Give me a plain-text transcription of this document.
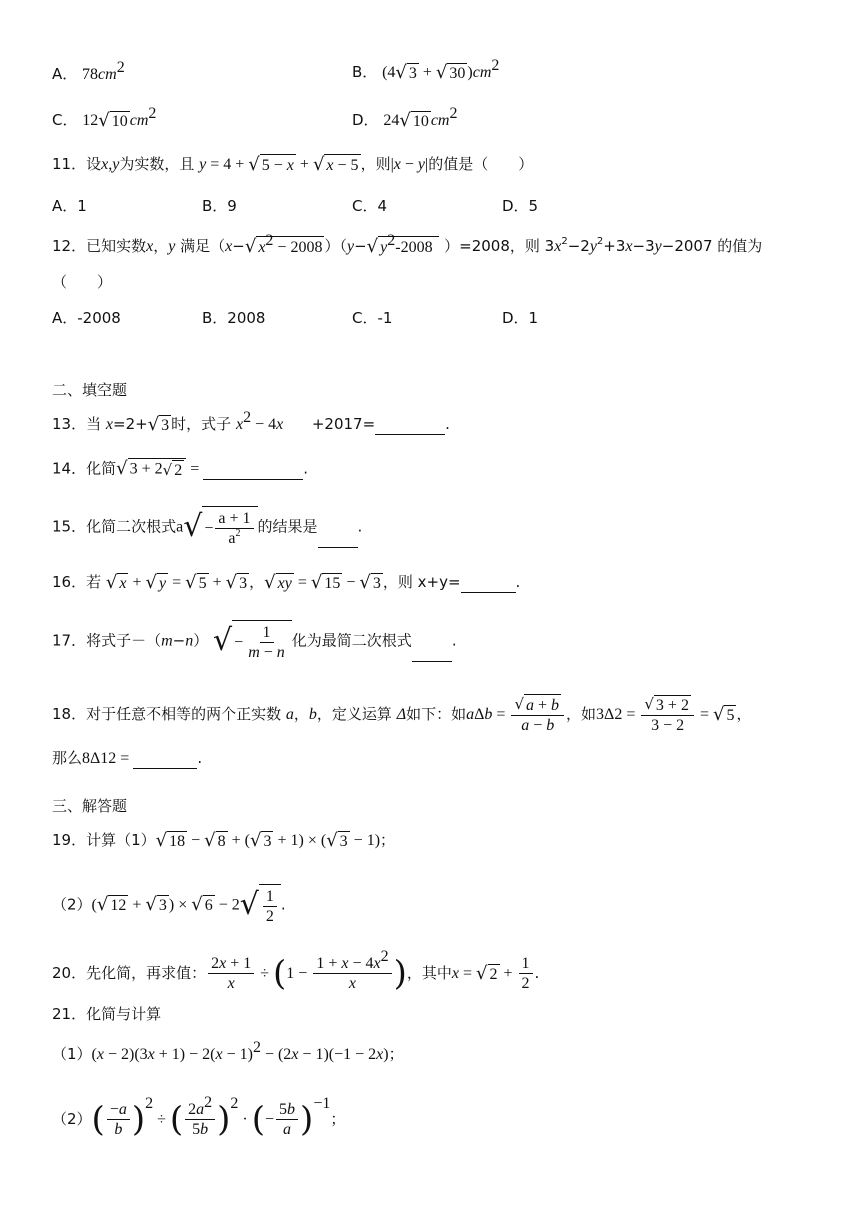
A． $78cm^2$	B． (4√ 3 + √ 30 )$cm^2$
C． 12√ 10 $cm^2$	D． 24√ 10 $cm^2$
11．设x,y为实数，且 y = 4 + √ 5 − x + √ x − 5 ，则|x − y|的值是（　　）
A．1	B．9	C．4	D．5
12．已知实数x，y 满足（x−√ $x^2 - 2008$ ）（y−√ $y^2-2008$ ）=2008，则 $3x^2-2y^2+3x-3y-2007$ 的值为
（　　）
A．-2008	B．2008	C．-1	D．1
二、填空题
13．当 x=2+√ 3 时，式子 $x^2 - 4x +2017=$	.
14．化简√ 3 + 2√ 2 =	.
15．化简二次根式$a√ - \frac{a + 1}{a^2}$ 的结果是	.
16．若 √ x + √ y = √ 5 + √ 3 ，√ xy = √ 15 − √ 3 ，则 x+y=	.
17．将式子－（m−n） √ − $\frac{1}{m - n}$ 化为最简二次根式	.
18．对于任意不相等的两个正实数 a，b，定义运算 Δ如下：如$a\Delta b = \frac{√ a + b}{a - b}$ ，如$3\Delta 2 = \frac{√ 3 + 2}{3 - 2}$ = √ 5 ，
那么8Δ12 =	.
三、解答题
19．计算（1）√ 18 − √ 8 + (√ 3 + 1) × (√ 3 − 1)；
（2）(√ 12 + √ 3 ) × √ $6 - 2√ \frac{1}{2}$ .
20．先化简，再求值： $\frac{2x + 1}{x} \div (1 - \frac{1 + x - 4x^2}{x}$ )，其中x = √ $2 + \frac{1}{2}$ .
21．化简与计算
$(1)(x - 2)(3x + 1) - 2(x - 1)^2 - (2x - 1)(-1 - 2x)$；
$(2)( \frac{-a}{b} )^2$ ÷ ( $\frac{2a^2}{5b} )^2$ · (− $\frac{5b}{a} )^{-1}$；
